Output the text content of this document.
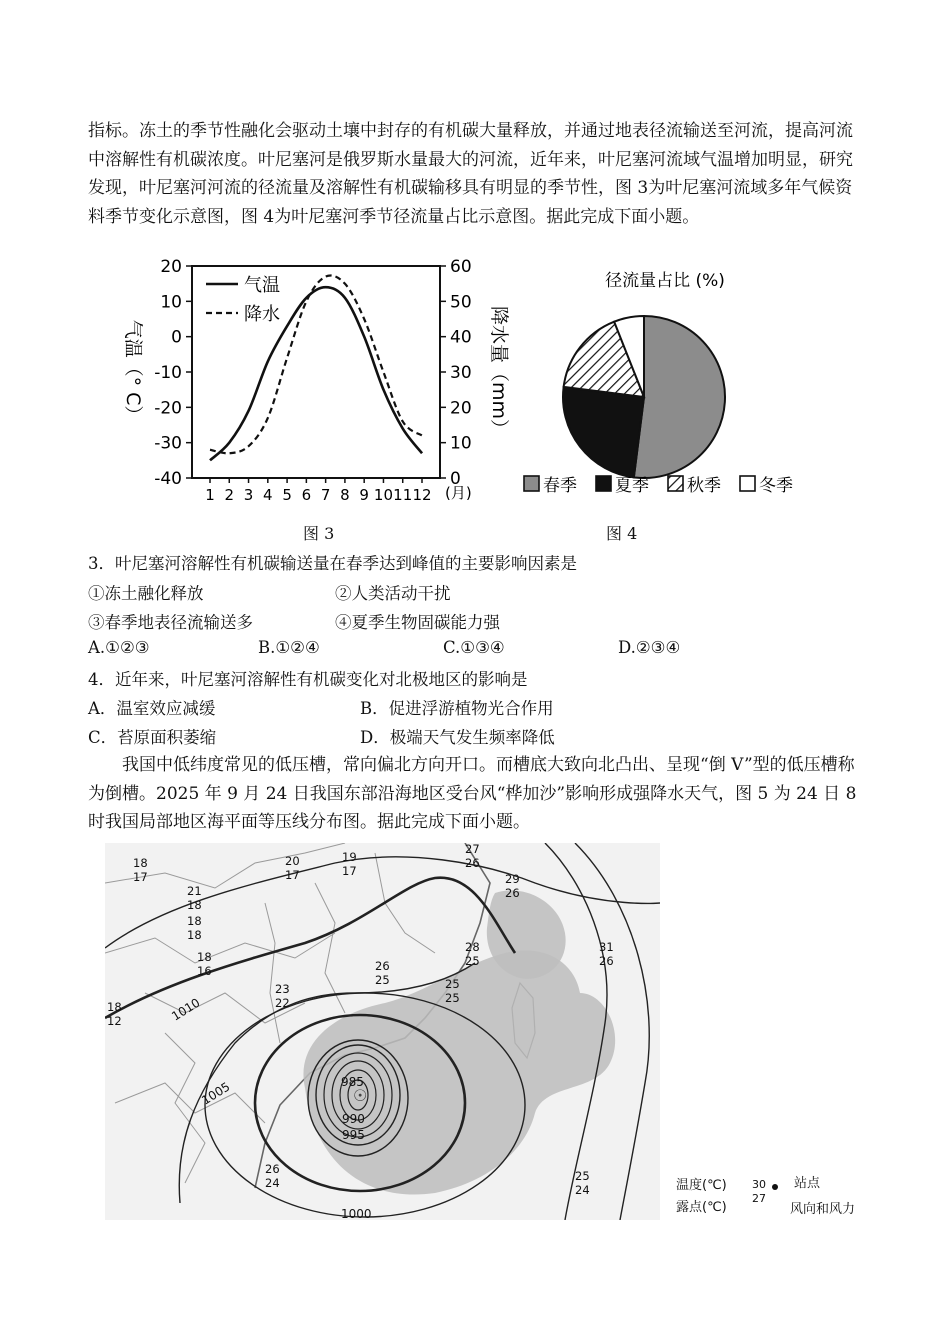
指标。冻土的季节性融化会驱动土壤中封存的有机碳大量释放，并通过地表径流输送至河流，提高河流中溶解性有机碳浓度。叶尼塞河是俄罗斯水量最大的河流，近年来，叶尼塞河流域气温增加明显，研究发现，叶尼塞河河流的径流量及溶解性有机碳输移具有明显的季节性，图 3为叶尼塞河流域多年气候资料季节变化示意图，图 4为叶尼塞河季节径流量占比示意图。据此完成下面小题。

20
10
0
-10
-20
-30
-40
60
50
40
30
20
10
0
1 2 3 4 5 6 7 8 9 10 11 12
气温
降水
气温（° C）	降水量（mm）
(月)
径流量占比 (%)
春季 夏季 秋季 冬季
图 3	图 4
3．叶尼塞河溶解性有机碳输送量在春季达到峰值的主要影响因素是
①冻土融化释放	②人类活动干扰
③春季地表径流输送多	④夏季生物固碳能力强
A.①②③	B.①②④	C.①③④	D.②③④
4．近年来，叶尼塞河溶解性有机碳变化对北极地区的影响是
A．温室效应减缓	B．促进浮游植物光合作用
C．苔原面积萎缩	D．极端天气发生频率降低

我国中低纬度常见的低压槽，常向偏北方向开口。而槽底大致向北凸出、呈现“倒 V”型的低压槽称为倒槽。2025 年 9 月 24 日我国东部沿海地区受台风“桦加沙”影响形成强降水天气，图 5 为 24 日 8 时我国局部地区海平面等压线分布图。据此完成下面小题。

☉
1010
1005
1000
995
990
985
18
17
20
17
19
17
21
18
18
18
18
16
23
22
26
25
28
25
25
25
27
26
29
26
31
26
18
12
26
24	25
24	温度(℃)
露点(℃)
30
27
站点
风向和风力
